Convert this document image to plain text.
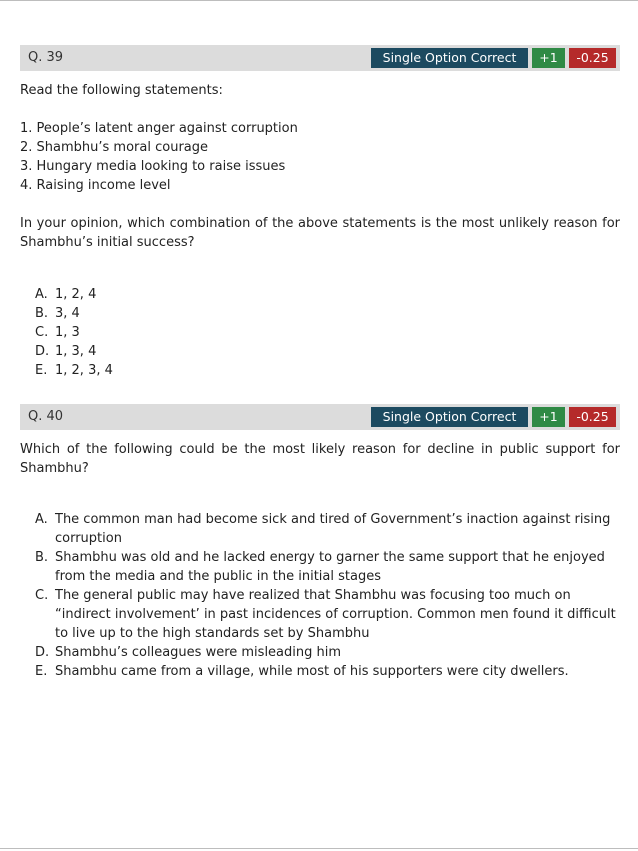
Q. 39	Single Option Correct	+1	-0.25
Read the following statements:
1. People’s latent anger against corruption
2. Shambhu’s moral courage
3. Hungary media looking to raise issues
4. Raising income level
In your opinion, which combination of the above statements is the most unlikely reason for Shambhu’s initial success?
A. 1, 2, 4
B. 3, 4
C. 1, 3
D. 1, 3, 4
E. 1, 2, 3, 4
Q. 40	Single Option Correct	+1	-0.25
Which of the following could be the most likely reason for decline in public support for Shambhu?
A. The common man had become sick and tired of Government’s inaction against rising corruption
B. Shambhu was old and he lacked energy to garner the same support that he enjoyed from the media and the public in the initial stages
C. The general public may have realized that Shambhu was focusing too much on “indirect involvement’ in past incidences of corruption. Common men found it difficult to live up to the high standards set by Shambhu
D. Shambhu’s colleagues were misleading him
E. Shambhu came from a village, while most of his supporters were city dwellers.
